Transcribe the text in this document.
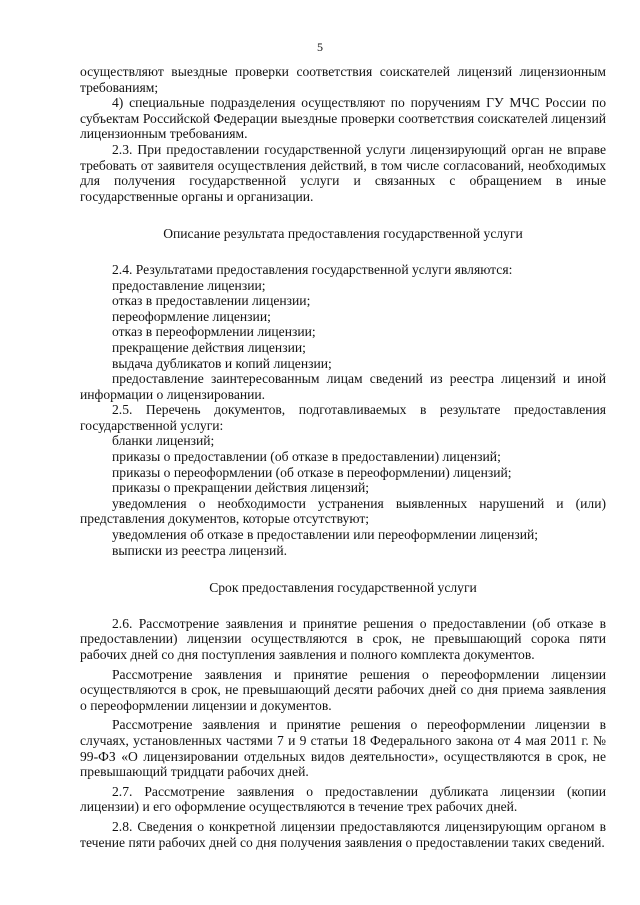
5

осуществляют выездные проверки соответствия соискателей лицензий лицензионным требованиям;

4) специальные подразделения осуществляют по поручениям ГУ МЧС России по субъектам Российской Федерации выездные проверки соответствия соискателей лицензий лицензионным требованиям.

2.3. При предоставлении государственной услуги лицензирующий орган не вправе требовать от заявителя осуществления действий, в том числе согласований, необходимых для получения государственной услуги и связанных с обращением в иные государственные органы и организации.

Описание результата предоставления государственной услуги

2.4. Результатами предоставления государственной услуги являются:

предоставление лицензии;

отказ в предоставлении лицензии;

переоформление лицензии;

отказ в переоформлении лицензии;

прекращение действия лицензии;

выдача дубликатов и копий лицензии;

предоставление заинтересованным лицам сведений из реестра лицензий и иной информации о лицензировании.

2.5. Перечень документов, подготавливаемых в результате предоставления государственной услуги:

бланки лицензий;

приказы о предоставлении (об отказе в предоставлении) лицензий;

приказы о переоформлении (об отказе в переоформлении) лицензий;

приказы о прекращении действия лицензий;

уведомления о необходимости устранения выявленных нарушений и (или) представления документов, которые отсутствуют;

уведомления об отказе в предоставлении или переоформлении лицензий;

выписки из реестра лицензий.

Срок предоставления государственной услуги

2.6. Рассмотрение заявления и принятие решения о предоставлении (об отказе в предоставлении) лицензии осуществляются в срок, не превышающий сорока пяти рабочих дней со дня поступления заявления и полного комплекта документов.

Рассмотрение заявления и принятие решения о переоформлении лицензии осуществляются в срок, не превышающий десяти рабочих дней со дня приема заявления о переоформлении лицензии и документов.

Рассмотрение заявления и принятие решения о переоформлении лицензии в случаях, установленных частями 7 и 9 статьи 18 Федерального закона от 4 мая 2011 г. № 99-ФЗ «О лицензировании отдельных видов деятельности», осуществляются в срок, не превышающий тридцати рабочих дней.

2.7. Рассмотрение заявления о предоставлении дубликата лицензии (копии лицензии) и его оформление осуществляются в течение трех рабочих дней.

2.8. Сведения о конкретной лицензии предоставляются лицензирующим органом в течение пяти рабочих дней со дня получения заявления о предоставлении таких сведений.
